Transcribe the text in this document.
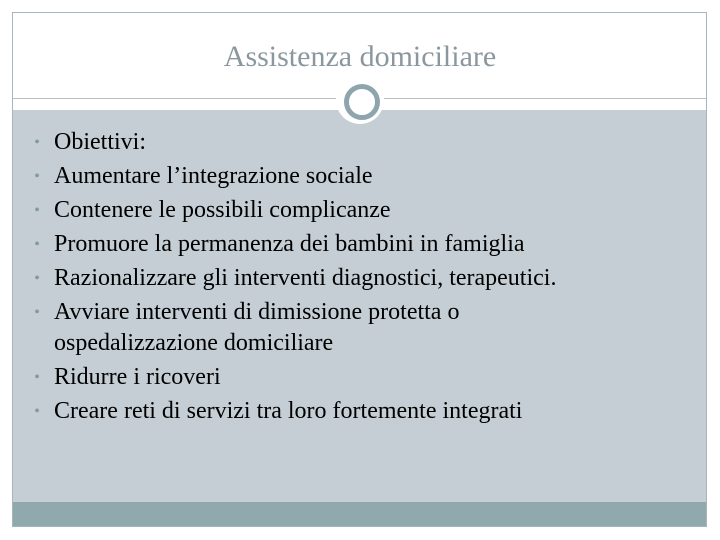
Assistenza domiciliare
• Obiettivi:
• Aumentare l’integrazione sociale
• Contenere le possibili complicanze
• Promuore la permanenza dei bambini in famiglia
• Razionalizzare gli interventi diagnostici, terapeutici.
• Avviare interventi di dimissione protetta o
ospedalizzazione domiciliare
• Ridurre i ricoveri
• Creare reti di servizi tra loro fortemente integrati
